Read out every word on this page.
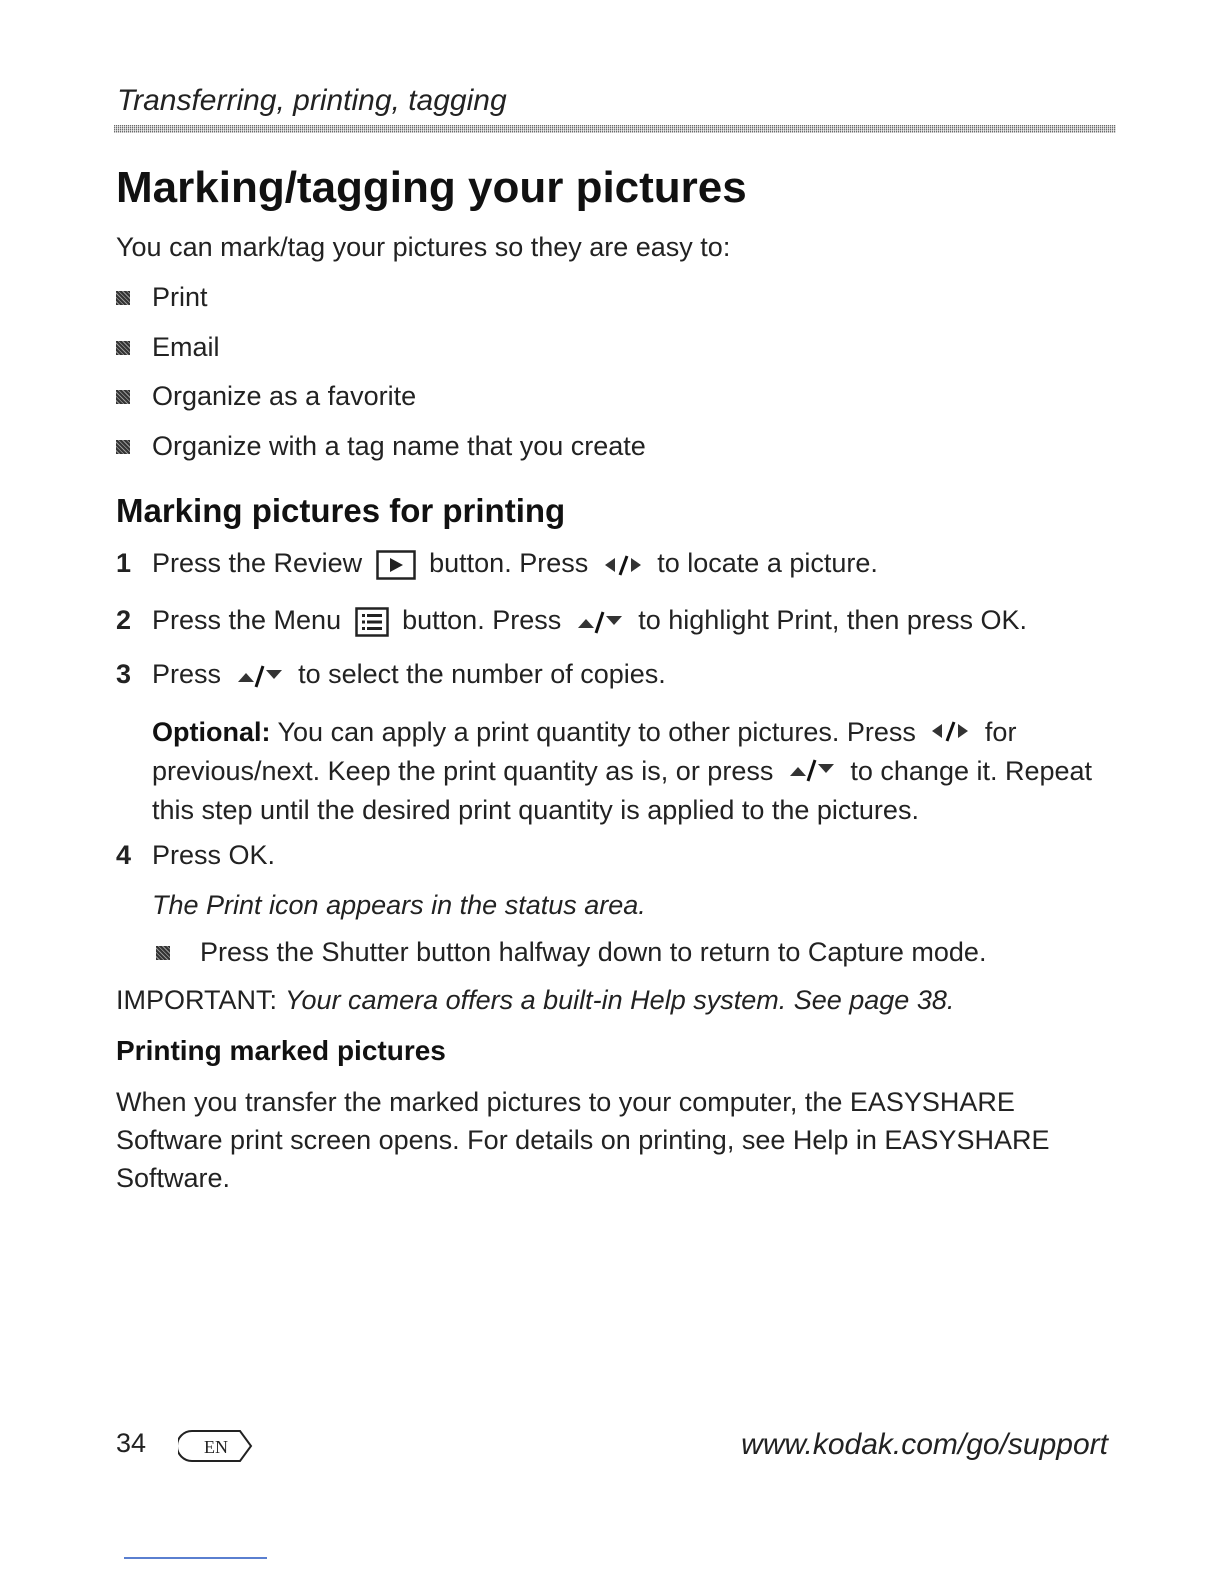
Transferring, printing, tagging
Marking/tagging your pictures

You can mark/tag your pictures so they are easy to:

Print
Email
Organize as a favorite
Organize with a tag name that you create
Marking pictures for printing
1 Press the Review button. Press	to locate a picture.
2 Press the Menu button. Press	to highlight Print, then press OK.
3 Press	to select the number of copies.
4 Press OK.
Optional: You can apply a print quantity to other pictures. Press	for previous/next. Keep the print quantity as is, or press	to change it. Repeat this step until the desired print quantity is applied to the pictures.
The Print icon appears in the status area.
Press the Shutter button halfway down to return to Capture mode.
IMPORTANT: Your camera offers a built-in Help system. See page 38.
Printing marked pictures

When you transfer the marked pictures to your computer, the EASYSHARE Software print screen opens. For details on printing, see Help in EASYSHARE Software.

34	EN	www.kodak.com/go/support
